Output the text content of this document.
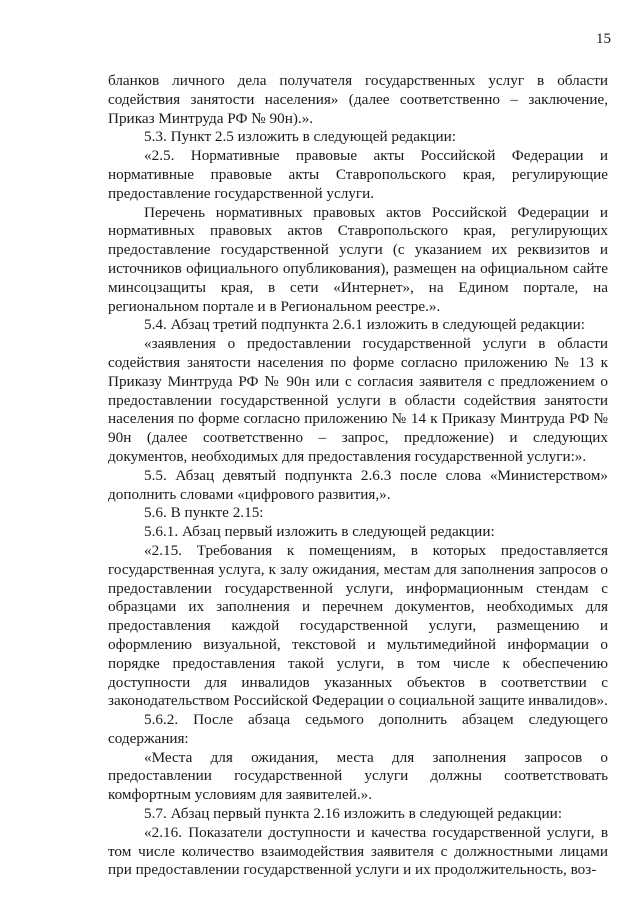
15

бланков личного дела получателя государственных услуг в области содействия занятости населения» (далее соответственно – заключение, Приказ Минтруда РФ № 90н).».

5.3. Пункт 2.5 изложить в следующей редакции:

«2.5. Нормативные правовые акты Российской Федерации и нормативные правовые акты Ставропольского края, регулирующие предоставление государственной услуги.

Перечень нормативных правовых актов Российской Федерации и нормативных правовых актов Ставропольского края, регулирующих предоставление государственной услуги (с указанием их реквизитов и источников официального опубликования), размещен на официальном сайте минсоцзащиты края, в сети «Интернет», на Едином портале, на региональном портале и в Региональном реестре.».

5.4. Абзац третий подпункта 2.6.1 изложить в следующей редакции:

«заявления о предоставлении государственной услуги в области содействия занятости населения по форме согласно приложению № 13 к Приказу Минтруда РФ № 90н или с согласия заявителя с предложением о предоставлении государственной услуги в области содействия занятости населения по форме согласно приложению № 14 к Приказу Минтруда РФ № 90н (далее соответственно – запрос, предложение) и следующих документов, необходимых для предоставления государственной услуги:».

5.5. Абзац девятый подпункта 2.6.3 после слова «Министерством» дополнить словами «цифрового развития,».

5.6. В пункте 2.15:

5.6.1. Абзац первый изложить в следующей редакции:

«2.15. Требования к помещениям, в которых предоставляется государственная услуга, к залу ожидания, местам для заполнения запросов о предоставлении государственной услуги, информационным стендам с образцами их заполнения и перечнем документов, необходимых для предоставления каждой государственной услуги, размещению и оформлению визуальной, текстовой и мультимедийной информации о порядке предоставления такой услуги, в том числе к обеспечению доступности для инвалидов указанных объектов в соответствии с законодательством Российской Федерации о социальной защите инвалидов».

5.6.2. После абзаца седьмого дополнить абзацем следующего содержания:

«Места для ожидания, места для заполнения запросов о предоставлении государственной услуги должны соответствовать комфортным условиям для заявителей.».

5.7. Абзац первый пункта 2.16 изложить в следующей редакции:

«2.16. Показатели доступности и качества государственной услуги, в том числе количество взаимодействия заявителя с должностными лицами при предоставлении государственной услуги и их продолжительность, воз-
